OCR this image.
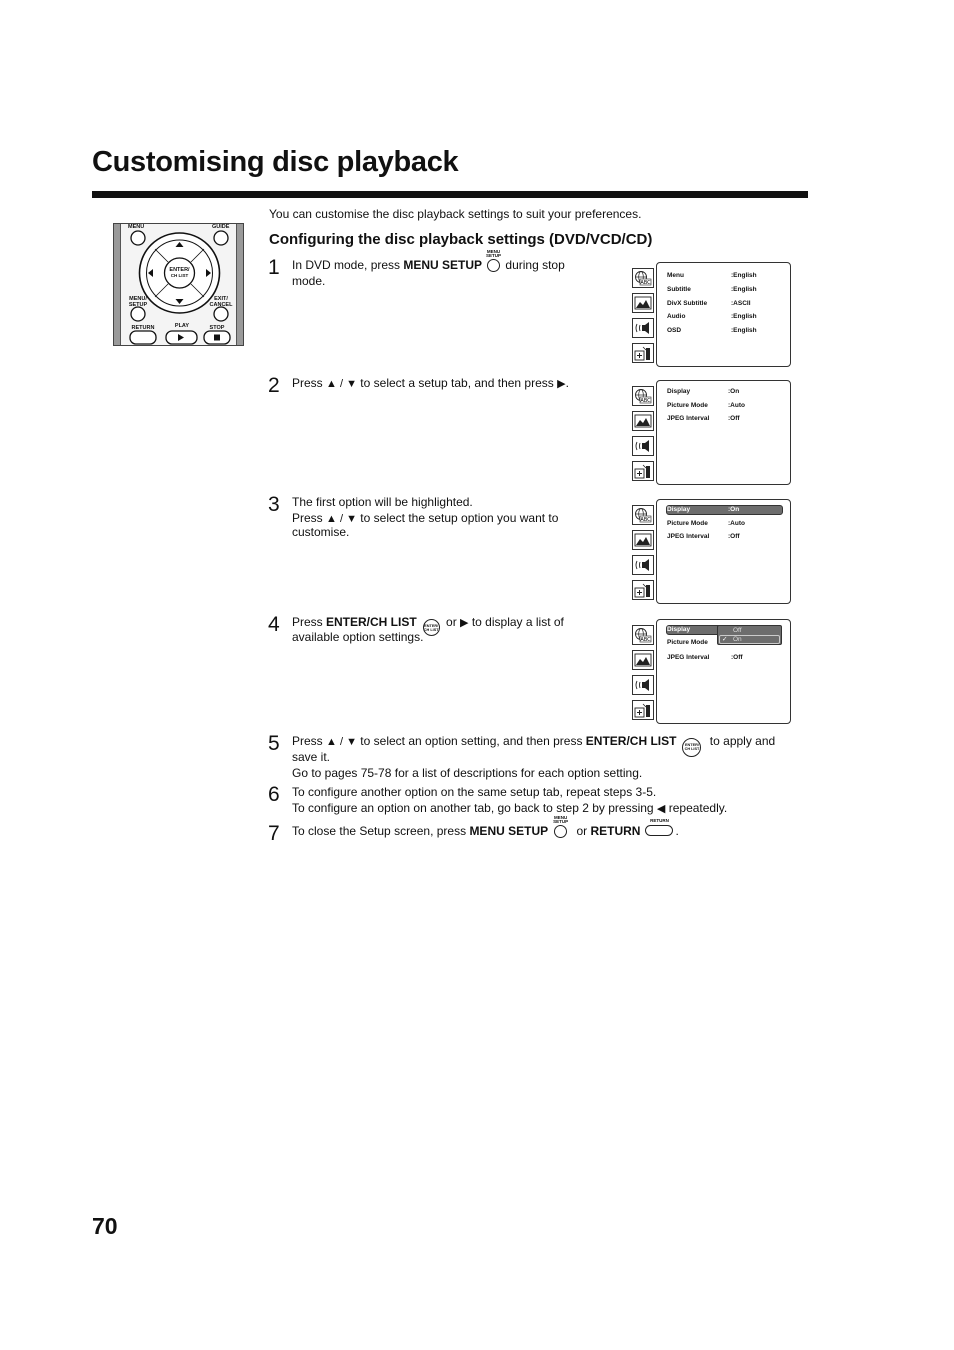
Customising disc playback
You can customise the disc playback settings to suit your preferences.
Configuring the disc playback settings (DVD/VCD/CD)
MENU	GUIDE
ENTER/
CH LIST
MENU/
SETUP
EXIT/
CANCEL
RETURN	PLAY	STOP
1 In DVD mode, press MENU SETUP
MENU
SETUP
during stop
mode.
2 Press ▲ / ▼ to select a setup tab, and then press ▶.
3 The first option will be highlighted.
Press ▲ / ▼ to select the setup option you want to
customise.
4 Press ENTER/CH LIST ENTER/
CH LIST or ▶ to display a list of
available option settings.
5 Press ▲ / ▼ to select an option setting, and then press ENTER/CH LIST ENTER/
CH LIST to apply and
save it.
Go to pages 75-78 for a list of descriptions for each option setting.
6 To configure another option on the same setup tab, repeat steps 3-5.
To configure an option on another tab, go back to step 2 by pressing ◀ repeatedly.
7 To close the Setup screen, press MENU SETUP
MENU
SETUP
or RETURN
RETURN
.
ABC
Menu	:English
Subtitle	:English
DivX Subtitle	:ASCII
Audio	:English
OSD	:English
ABC
Display	:On
Picture Mode	:Auto
JPEG Interval	:Off
ABC
Display	:On
Picture Mode	:Auto
JPEG Interval	:Off
ABC
Display
Picture Mode
JPEG Interval	:Off
Off
✓ On
70
